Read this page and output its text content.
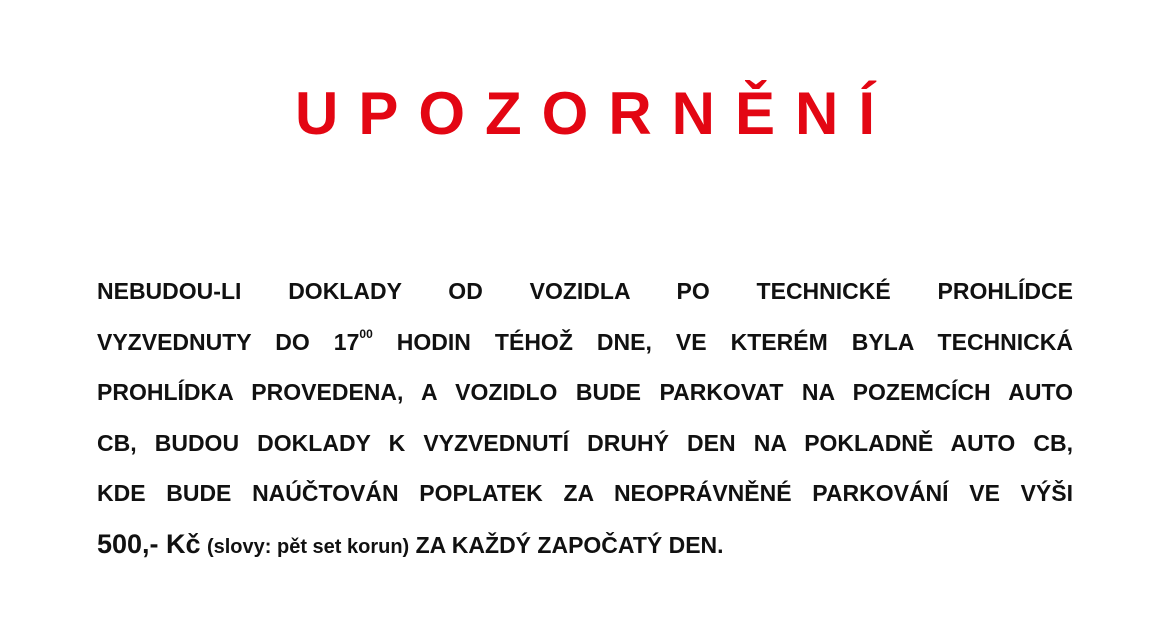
UPOZORNĚNÍ
NEBUDOU-LI DOKLADY OD VOZIDLA PO TECHNICKÉ PROHLÍDCE
VYZVEDNUTY DO $17^{00}$ HODIN TÉHOŽ DNE, VE KTERÉM BYLA TECHNICKÁ
PROHLÍDKA PROVEDENA, A VOZIDLO BUDE PARKOVAT NA POZEMCÍCH AUTO
CB, BUDOU DOKLADY K VYZVEDNUTÍ DRUHÝ DEN NA POKLADNĚ AUTO CB,
KDE BUDE NAÚČTOVÁN POPLATEK ZA NEOPRÁVNĚNÉ PARKOVÁNÍ VE VÝŠI
500,- Kč (slovy: pět set korun) ZA KAŽDÝ ZAPOČATÝ DEN.
